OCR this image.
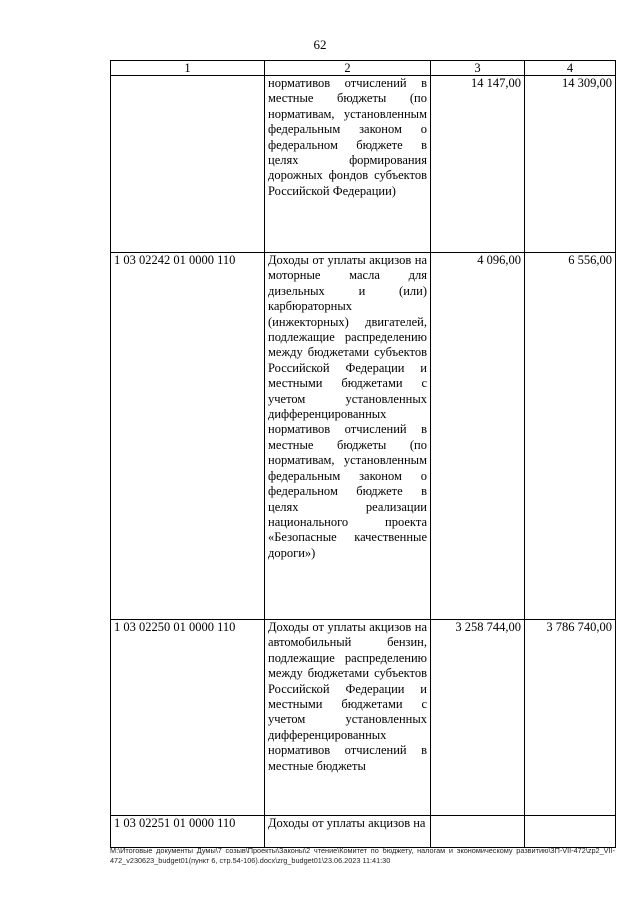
62
1	2	3	4
	нормативов отчислений в местные бюджеты (по нормативам, установленным федеральным законом о федеральном бюджете в целях формирования дорожных фондов субъектов Российской Федерации)	14 147,00	14 309,00
1 03 02242 01 0000 110	Доходы от уплаты акцизов на моторные масла для дизельных и (или) карбюраторных (инжекторных) двигателей, подлежащие распределению между бюджетами субъектов Российской Федерации и местными бюджетами с учетом установленных дифференцированных нормативов отчислений в местные бюджеты (по нормативам, установленным федеральным законом о федеральном бюджете в целях реализации национального проекта «Безопасные качественные дороги»)	4 096,00	6 556,00
1 03 02250 01 0000 110	Доходы от уплаты акцизов на автомобильный бензин, подлежащие распределению между бюджетами субъектов Российской Федерации и местными бюджетами с учетом установленных дифференцированных нормативов отчислений в местные бюджеты	3 258 744,00	3 786 740,00
1 03 02251 01 0000 110	Доходы от уплаты акцизов на		
M:\Итоговые документы Думы\7 созыв\Проекты\Законы\2 чтение\Комитет по бюджету, налогам и экономическому развитию\3П-VII-472\zp2_VII-472_v230623_budget01(пункт 6, стр.54-106).docx\zrg_budget01\23.06.2023 11:41:30
